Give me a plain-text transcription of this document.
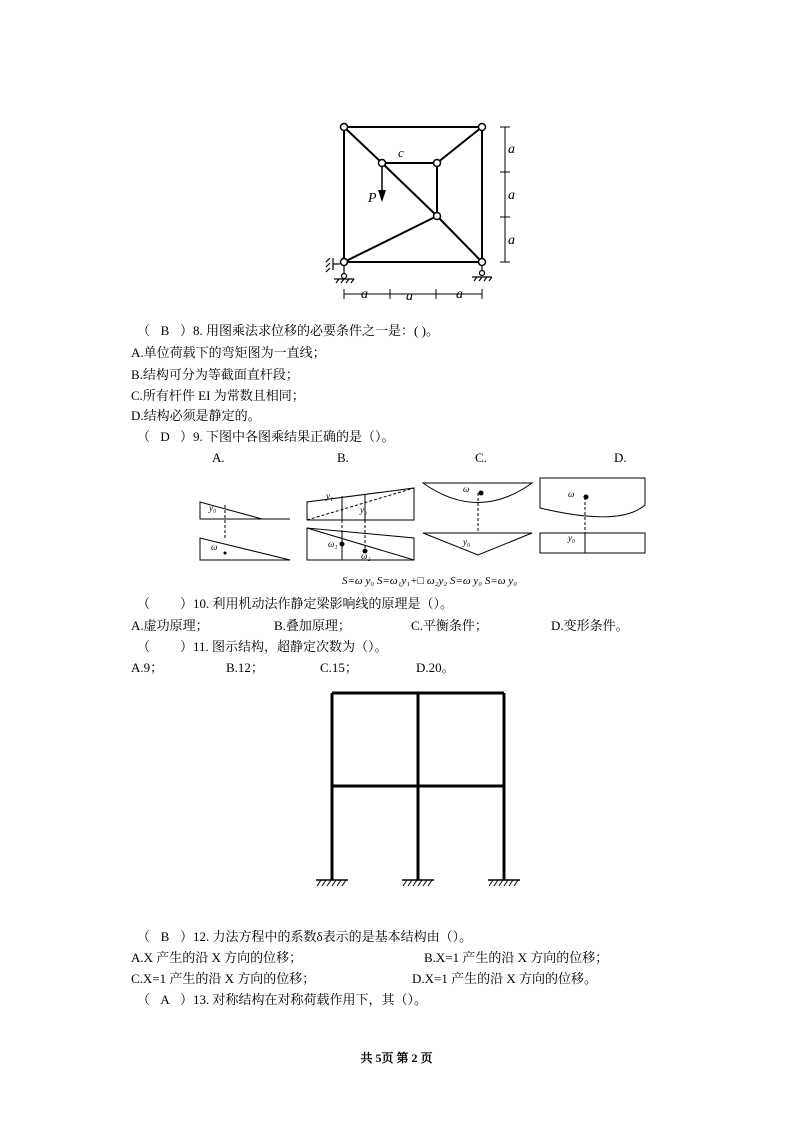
c
P
a
a
a
a	a	a
（ B ）8. 用图乘法求位移的必要条件之一是：( )。
A.单位荷载下的弯矩图为一直线；
B.结构可分为等截面直杆段；
C.所有杆件 EI 为常数且相同；
D.结构必须是静定的。
（ D ）9. 下图中各图乘结果正确的是（）。
A.	B.	C.	D.
y₀
ω
y₁
y₂
ω₁
ω₂
ω
y₀
ω
y₀
S=ω y₀ S=ω₁y₁+□ ω₂y₂ S=ω y₀ S=ω y₀
（ ）10. 利用机动法作静定梁影响线的原理是（）。
A.虚功原理；	B.叠加原理；	C.平衡条件；	D.变形条件。
（ ）11. 图示结构，超静定次数为（）。
A.9；	B.12；	C.15；	D.20。
（ B ）12. 力法方程中的系数δ表示的是基本结构由（）。
A.X 产生的沿 X 方向的位移；	B.X=1 产生的沿 X 方向的位移；
C.X=1 产生的沿 X 方向的位移；	D.X=1 产生的沿 X 方向的位移。
（ A ）13. 对称结构在对称荷载作用下，其（）。
共 5页 第 2 页
